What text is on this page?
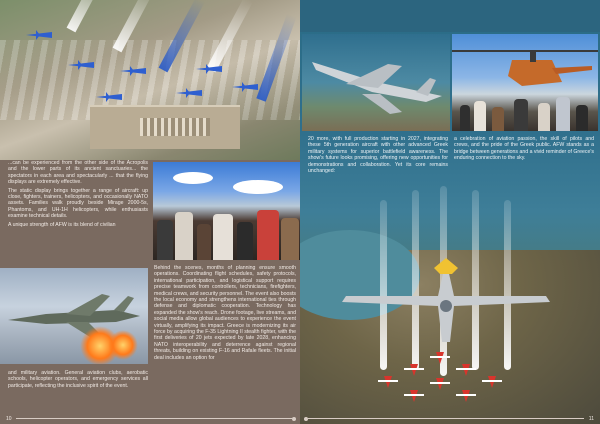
...can be experienced from the other side of the Acropolis and the lower parts of its ancient sanctuaries... the spectators in each area and spectacularly ... that the flying displays are extremely effective.

The static display brings together a range of aircraft: up close, fighters, trainers, helicopters, and occasionally NATO assets. Families walk proudly beside Mirage 2000-5s, Phantoms, and UH-1H helicopters, while enthusiasts examine technical details.

A unique strength of AFW is its blend of civilian

and military aviation. General aviation clubs, aerobatic schools, helicopter operators, and emergency services all participate, reflecting the inclusive spirit of the event.

Behind the scenes, months of planning ensure smooth operations. Coordinating flight schedules, safety protocols, international participation, and logistical support requires precise teamwork from controllers, technicians, firefighters, medical crews, and security personnel. The event also boosts the local economy and strengthens international ties through defense and diplomatic cooperation. Technology has expanded the show's reach. Drone footage, live streams, and social media allow global audiences to experience the event virtually, amplifying its impact. Greece is modernizing its air force by acquiring the F-35 Lightning II stealth fighter, with the first deliveries of 20 jets expected by late 2028, enhancing NATO interoperability and deterrence against regional threats, building on existing F-16 and Rafale fleets. The initial deal includes an option for

10

20 more, with full production starting in 2027, integrating these 5th generation aircraft with other advanced Greek military systems for superior battlefield awareness. The show's future looks promising, offering new opportunities for demonstrations and collaboration. Yet its core remains unchanged:

a celebration of aviation passion, the skill of pilots and crews, and the pride of the Greek public. AFW stands as a bridge between generations and a vivid reminder of Greece's enduring connection to the sky.

11
